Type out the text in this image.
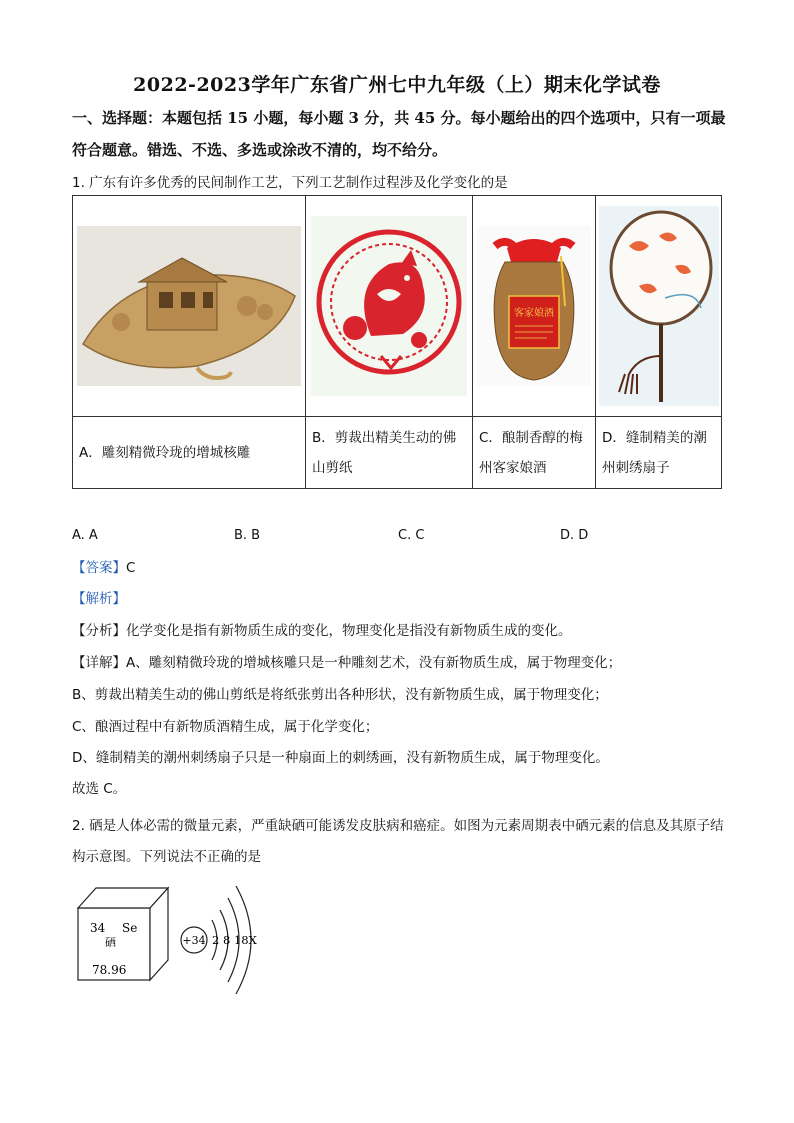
2022-2023学年广东省广州七中九年级（上）期末化学试卷
一、选择题：本题包括 15 小题，每小题 3 分，共 45 分。每小题给出的四个选项中，只有一项最符合题意。错选、不选、多选或涂改不清的，均不给分。
1. 广东有许多优秀的民间制作工艺，下列工艺制作过程涉及化学变化的是

客家娘酒

A．雕刻精微玲珑的增城核雕	B．剪裁出精美生动的佛山剪纸	C．酿制香醇的梅州客家娘酒	D．缝制精美的潮州刺绣扇子
A. A	B. B	C. C	D. D
【答案】C
【解析】
【分析】化学变化是指有新物质生成的变化，物理变化是指没有新物质生成的变化。
【详解】A、雕刻精微玲珑的增城核雕只是一种雕刻艺术，没有新物质生成，属于物理变化；
B、剪裁出精美生动的佛山剪纸是将纸张剪出各种形状，没有新物质生成，属于物理变化；
C、酿酒过程中有新物质酒精生成，属于化学变化；
D、缝制精美的潮州刺绣扇子只是一种扇面上的刺绣画，没有新物质生成，属于物理变化。
故选 C。
2. 硒是人体必需的微量元素，严重缺硒可能诱发皮肤病和癌症。如图为元素周期表中硒元素的信息及其原子结构示意图。下列说法不正确的是
34 Se
硒
78.96
+34 2 8 18X
